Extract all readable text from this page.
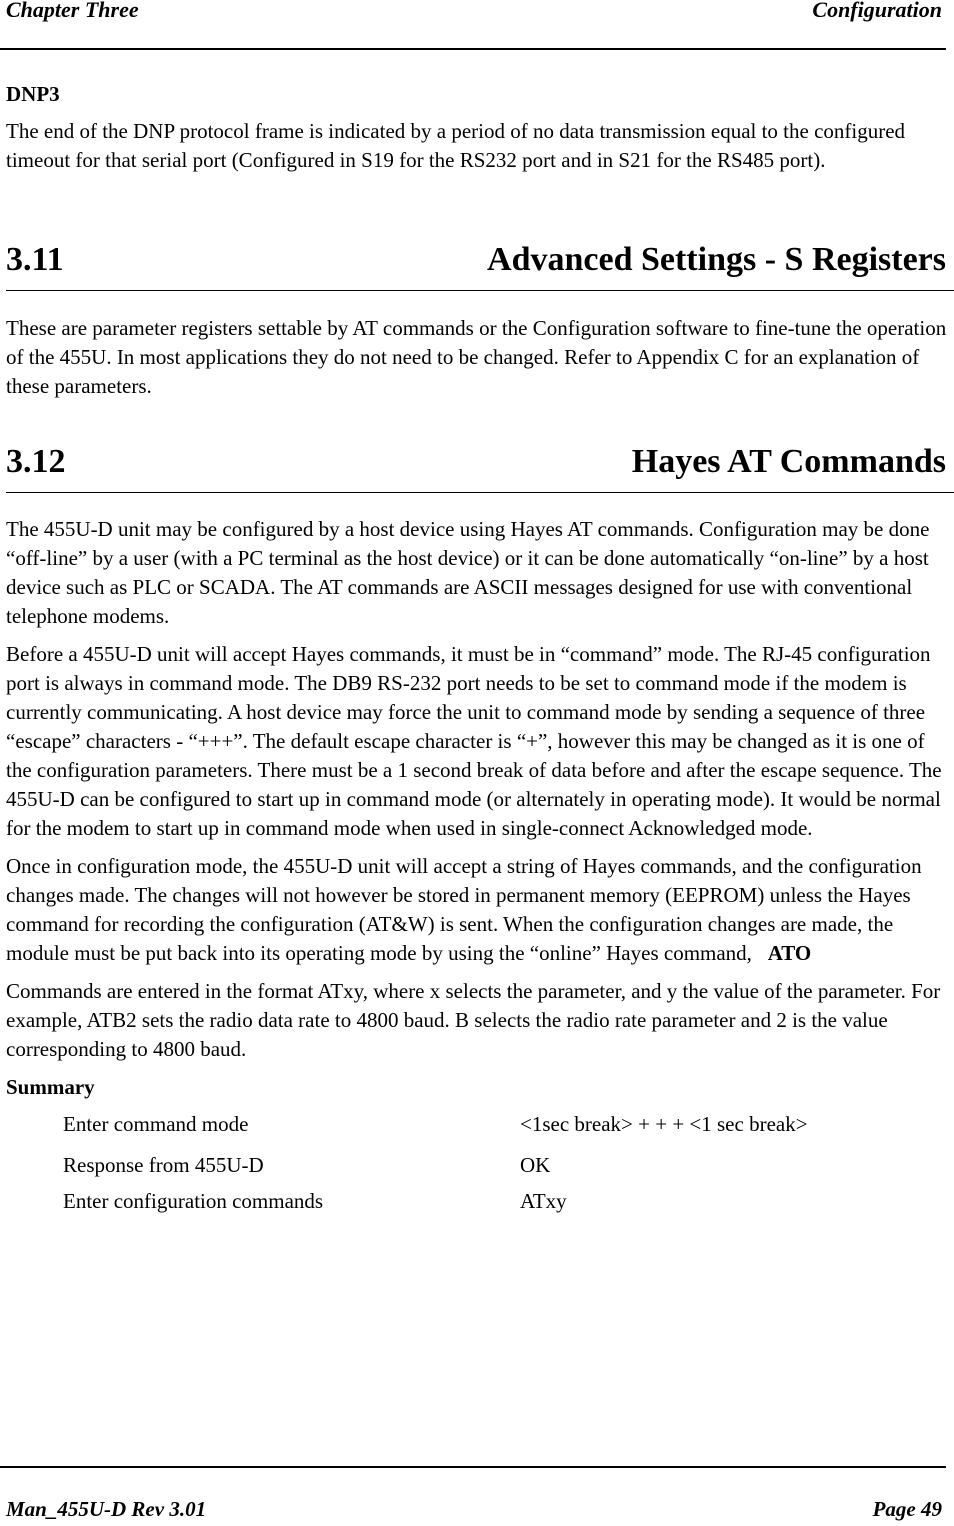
Chapter Three	Configuration
DNP3

The end of the DNP protocol frame is indicated by a period of no data transmission equal to the configured timeout for that serial port (Configured in S19 for the RS232 port and in S21 for the RS485 port).

3.11	Advanced Settings - S Registers

These are parameter registers settable by AT commands or the Configuration software to fine-tune the operation of the 455U. In most applications they do not need to be changed. Refer to Appendix C for an explanation of these parameters.

3.12	Hayes AT Commands

The 455U-D unit may be configured by a host device using Hayes AT commands. Configuration may be done “off-line” by a user (with a PC terminal as the host device) or it can be done automatically “on-line” by a host device such as PLC or SCADA. The AT commands are ASCII messages designed for use with conventional telephone modems.

Before a 455U-D unit will accept Hayes commands, it must be in “command” mode. The RJ-45 configuration port is always in command mode. The DB9 RS-232 port needs to be set to command mode if the modem is currently communicating. A host device may force the unit to command mode by sending a sequence of three “escape” characters - “+++”. The default escape character is “+”, however this may be changed as it is one of the configuration parameters. There must be a 1 second break of data before and after the escape sequence. The 455U-D can be configured to start up in command mode (or alternately in operating mode). It would be normal for the modem to start up in command mode when used in single-connect Acknowledged mode.

Once in configuration mode, the 455U-D unit will accept a string of Hayes commands, and the configuration changes made. The changes will not however be stored in permanent memory (EEPROM) unless the Hayes command for recording the configuration (AT&W) is sent. When the configuration changes are made, the module must be put back into its operating mode by using the “online” Hayes command, ATO

Commands are entered in the format ATxy, where x selects the parameter, and y the value of the parameter. For example, ATB2 sets the radio data rate to 4800 baud. B selects the radio rate parameter and 2 is the value corresponding to 4800 baud.

Summary
Enter command mode	<1sec break> + + + <1 sec break>
Response from 455U-D	OK
Enter configuration commands	ATxy
Man_455U-D Rev 3.01	Page 49
